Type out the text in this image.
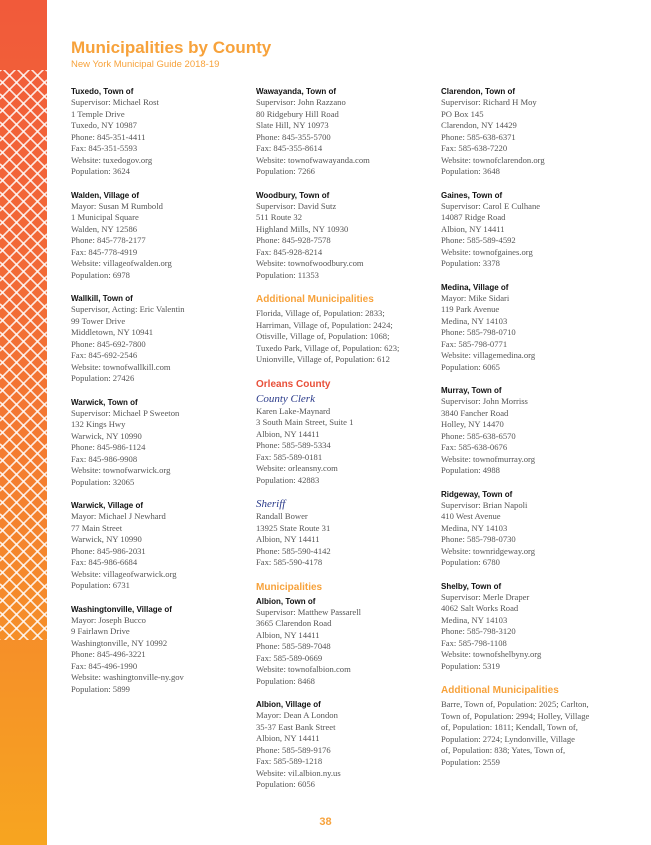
Municipalities by County
New York Municipal Guide 2018-19
Tuxedo, Town of
Supervisor: Michael Rost
1 Temple Drive
Tuxedo, NY 10987
Phone: 845-351-4411
Fax: 845-351-5593
Website: tuxedogov.org
Population: 3624
Walden, Village of
Mayor: Susan M Rumbold
1 Municipal Square
Walden, NY 12586
Phone: 845-778-2177
Fax: 845-778-4919
Website: villageofwalden.org
Population: 6978
Wallkill, Town of
Supervisor, Acting: Eric Valentin
99 Tower Drive
Middletown, NY 10941
Phone: 845-692-7800
Fax: 845-692-2546
Website: townofwallkill.com
Population: 27426
Warwick, Town of
Supervisor: Michael P Sweeton
132 Kings Hwy
Warwick, NY 10990
Phone: 845-986-1124
Fax: 845-986-9908
Website: townofwarwick.org
Population: 32065
Warwick, Village of
Mayor: Michael J Newhard
77 Main Street
Warwick, NY 10990
Phone: 845-986-2031
Fax: 845-986-6684
Website: villageofwarwick.org
Population: 6731
Washingtonville, Village of
Mayor: Joseph Bucco
9 Fairlawn Drive
Washingtonville, NY 10992
Phone: 845-496-3221
Fax: 845-496-1990
Website: washingtonville-ny.gov
Population: 5899
Wawayanda, Town of
Supervisor: John Razzano
80 Ridgebury Hill Road
Slate Hill, NY 10973
Phone: 845-355-5700
Fax: 845-355-8614
Website: townofwawayanda.com
Population: 7266
Woodbury, Town of
Supervisor: David Sutz
511 Route 32
Highland Mills, NY 10930
Phone: 845-928-7578
Fax: 845-928-8214
Website: townofwoodbury.com
Population: 11353
Additional Municipalities
Florida, Village of, Population: 2833;
Harriman, Village of, Population: 2424;
Otisville, Village of, Population: 1068;
Tuxedo Park, Village of, Population: 623;
Unionville, Village of, Population: 612
Orleans County
County Clerk
Karen Lake-Maynard
3 South Main Street, Suite 1
Albion, NY 14411
Phone: 585-589-5334
Fax: 585-589-0181
Website: orleansny.com
Population: 42883
Sheriff
Randall Bower
13925 State Route 31
Albion, NY 14411
Phone: 585-590-4142
Fax: 585-590-4178
Municipalities
Albion, Town of
Supervisor: Matthew Passarell
3665 Clarendon Road
Albion, NY 14411
Phone: 585-589-7048
Fax: 585-589-0669
Website: townofalbion.com
Population: 8468
Albion, Village of
Mayor: Dean A London
35-37 East Bank Street
Albion, NY 14411
Phone: 585-589-9176
Fax: 585-589-1218
Website: vil.albion.ny.us
Population: 6056
Clarendon, Town of
Supervisor: Richard H Moy
PO Box 145
Clarendon, NY 14429
Phone: 585-638-6371
Fax: 585-638-7220
Website: townofclarendon.org
Population: 3648
Gaines, Town of
Supervisor: Carol E Culhane
14087 Ridge Road
Albion, NY 14411
Phone: 585-589-4592
Website: townofgaines.org
Population: 3378
Medina, Village of
Mayor: Mike Sidari
119 Park Avenue
Medina, NY 14103
Phone: 585-798-0710
Fax: 585-798-0771
Website: villagemedina.org
Population: 6065
Murray, Town of
Supervisor: John Morriss
3840 Fancher Road
Holley, NY 14470
Phone: 585-638-6570
Fax: 585-638-0676
Website: townofmurray.org
Population: 4988
Ridgeway, Town of
Supervisor: Brian Napoli
410 West Avenue
Medina, NY 14103
Phone: 585-798-0730
Website: townridgeway.org
Population: 6780
Shelby, Town of
Supervisor: Merle Draper
4062 Salt Works Road
Medina, NY 14103
Phone: 585-798-3120
Fax: 585-798-1108
Website: townofshelbyny.org
Population: 5319
Additional Municipalities
Barre, Town of, Population: 2025; Carlton,
Town of, Population: 2994; Holley, Village
of, Population: 1811; Kendall, Town of,
Population: 2724; Lyndonville, Village
of, Population: 838; Yates, Town of,
Population: 2559
38
